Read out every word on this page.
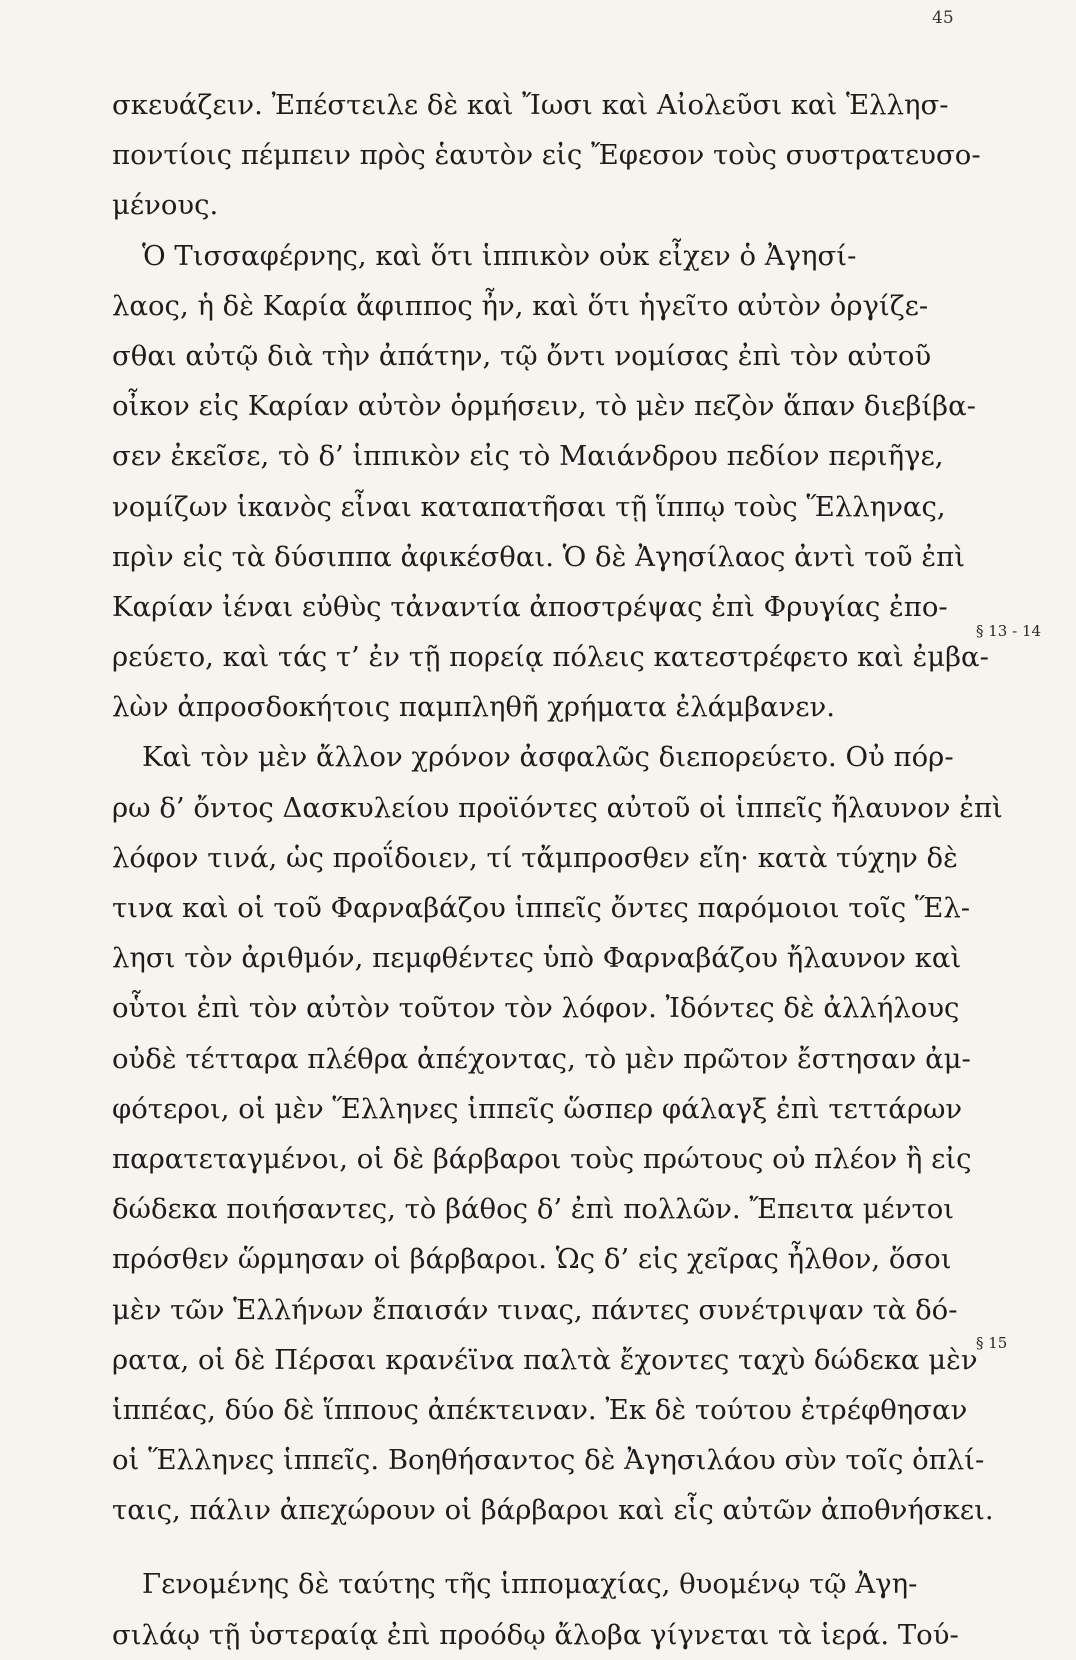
45
σκευάζειν. Ἐπέστειλε δὲ καὶ Ἴωσι καὶ Αἰολεῦσι καὶ Ἑλλησ-
ποντίοις πέμπειν πρὸς ἑαυτὸν εἰς Ἔφεσον τοὺς συστρατευσο-
μένους.
Ὁ Τισσαφέρνης, καὶ ὅτι ἱππικὸν οὐκ εἶχεν ὁ Ἀγησί-
λαος, ἡ δὲ Καρία ἄφιππος ἦν, καὶ ὅτι ἡγεῖτο αὐτὸν ὀργίζε-
σθαι αὐτῷ διὰ τὴν ἀπάτην, τῷ ὄντι νομίσας ἐπὶ τὸν αὐτοῦ
οἶκον εἰς Καρίαν αὐτὸν ὁρμήσειν, τὸ μὲν πεζὸν ἅπαν διεβίβα-
σεν ἐκεῖσε, τὸ δ’ ἱππικὸν εἰς τὸ Μαιάνδρου πεδίον περιῆγε,
νομίζων ἱκανὸς εἶναι καταπατῆσαι τῇ ἵππῳ τοὺς Ἕλληνας,
πρὶν εἰς τὰ δύσιππα ἀφικέσθαι. Ὁ δὲ Ἀγησίλαος ἀντὶ τοῦ ἐπὶ
Καρίαν ἰέναι εὐθὺς τἀναντία ἀποστρέψας ἐπὶ Φρυγίας ἐπο-
ρεύετο, καὶ τάς τ’ ἐν τῇ πορείᾳ πόλεις κατεστρέφετο καὶ ἐμβα-
λὼν ἀπροσδοκήτοις παμπληθῆ χρήματα ἐλάμβανεν.
Καὶ τὸν μὲν ἄλλον χρόνον ἀσφαλῶς διεπορεύετο. Οὐ πόρ-
ρω δ’ ὄντος Δασκυλείου προϊόντες αὐτοῦ οἱ ἱππεῖς ἤλαυνον ἐπὶ
λόφον τινά, ὡς προΐδοιεν, τί τἄμπροσθεν εἴη· κατὰ τύχην δὲ
τινα καὶ οἱ τοῦ Φαρναβάζου ἱππεῖς ὄντες παρόμοιοι τοῖς Ἕλ-
λησι τὸν ἀριθμόν, πεμφθέντες ὑπὸ Φαρναβάζου ἤλαυνον καὶ
οὗτοι ἐπὶ τὸν αὐτὸν τοῦτον τὸν λόφον. Ἰδόντες δὲ ἀλλήλους
οὐδὲ τέτταρα πλέθρα ἀπέχοντας, τὸ μὲν πρῶτον ἔστησαν ἀμ-
φότεροι, οἱ μὲν Ἕλληνες ἱππεῖς ὥσπερ φάλαγξ ἐπὶ τεττάρων
παρατεταγμένοι, οἱ δὲ βάρβαροι τοὺς πρώτους οὐ πλέον ἢ εἰς
δώδεκα ποιήσαντες, τὸ βάθος δ’ ἐπὶ πολλῶν. Ἔπειτα μέντοι
πρόσθεν ὥρμησαν οἱ βάρβαροι. Ὡς δ’ εἰς χεῖρας ἦλθον, ὅσοι
μὲν τῶν Ἑλλήνων ἔπαισάν τινας, πάντες συνέτριψαν τὰ δό-
ρατα, οἱ δὲ Πέρσαι κρανέϊνα παλτὰ ἔχοντες ταχὺ δώδεκα μὲν
ἱππέας, δύο δὲ ἵππους ἀπέκτειναν. Ἐκ δὲ τούτου ἐτρέφθησαν
οἱ Ἕλληνες ἱππεῖς. Βοηθήσαντος δὲ Ἀγησιλάου σὺν τοῖς ὁπλί-
ταις, πάλιν ἀπεχώρουν οἱ βάρβαροι καὶ εἷς αὐτῶν ἀποθνήσκει.
Γενομένης δὲ ταύτης τῆς ἱππομαχίας, θυομένῳ τῷ Ἀγη-
σιλάῳ τῇ ὑστεραίᾳ ἐπὶ προόδῳ ἄλοβα γίγνεται τὰ ἱερά. Τού-
§ 13 - 14
§ 15
